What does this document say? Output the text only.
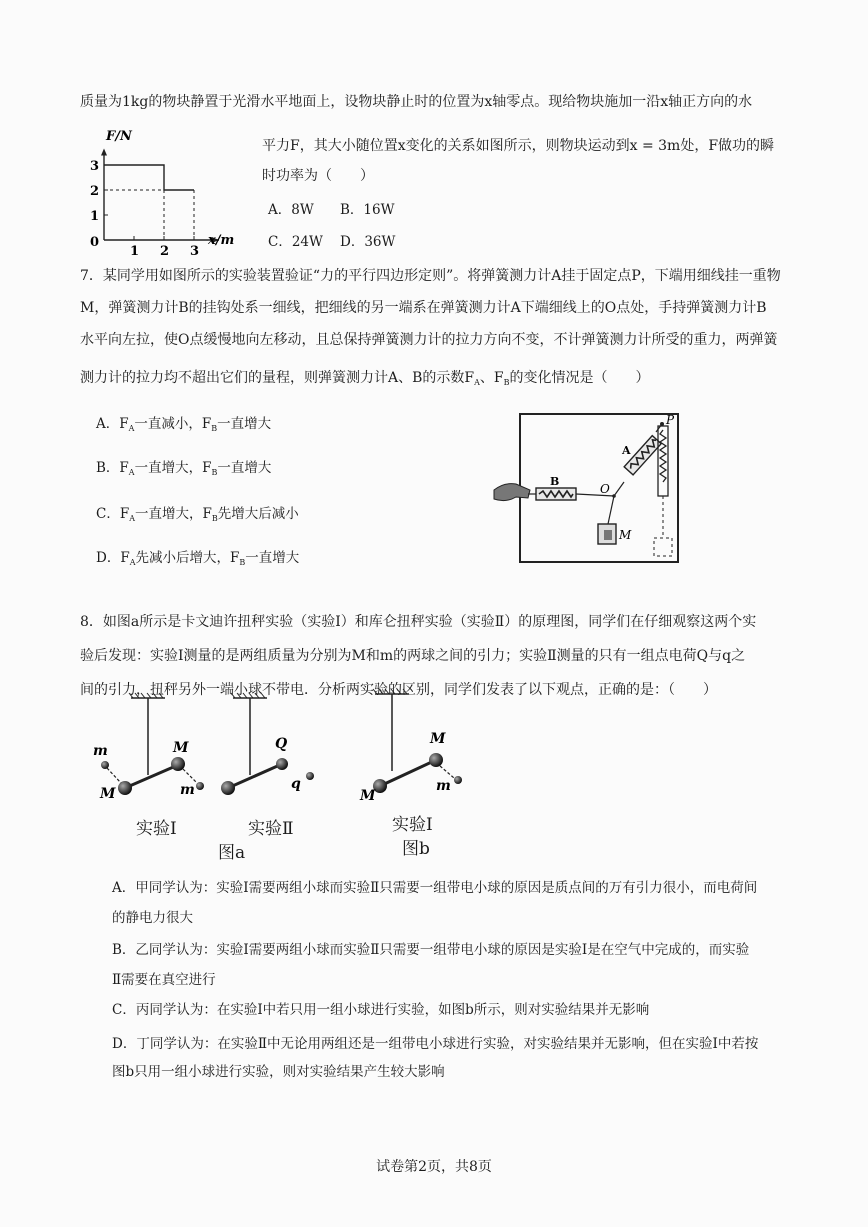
质量为1kg的物块静置于光滑水平地面上，设物块静止时的位置为x轴零点。现给物块施加一沿x轴正方向的水
F/N
x/m
0
1
2
3
1 2 3
平力F，其大小随位置x变化的关系如图所示，则物块运动到x = 3m处，F做功的瞬
时功率为（　　）
A．8W B．16W
C．24W D．36W
7．某同学用如图所示的实验装置验证“力的平行四边形定则”。将弹簧测力计A挂于固定点P，下端用细线挂一重物
M，弹簧测力计B的挂钩处系一细线，把细线的另一端系在弹簧测力计A下端细线上的O点处，手持弹簧测力计B
水平向左拉，使O点缓慢地向左移动，且总保持弹簧测力计的拉力方向不变，不计弹簧测力计所受的重力，两弹簧
测力计的拉力均不超出它们的量程，则弹簧测力计A、B的示数$F_A$、$F_B$的变化情况是（　　）
A．$F_A$一直减小，$F_B$一直增大
B．$F_A$一直增大，$F_B$一直增大
C．$F_A$一直增大，$F_B$先增大后减小
D．$F_A$先减小后增大，$F_B$一直增大
B
O
M
A
P
8．如图a所示是卡文迪许扭秤实验（实验Ⅰ）和库仑扭秤实验（实验Ⅱ）的原理图，同学们在仔细观察这两个实
验后发现：实验Ⅰ测量的是两组质量为分别为M和m的两球之间的引力；实验Ⅱ测量的只有一组点电荷Q与q之
间的引力，扭秤另外一端小球不带电．分析两实验的区别，同学们发表了以下观点，正确的是：（　　）
m	M
M	m
Q
q
M
M
m
实验Ⅰ	实验Ⅱ	实验Ⅰ
图a	图b
A．甲同学认为：实验Ⅰ需要两组小球而实验Ⅱ只需要一组带电小球的原因是质点间的万有引力很小，而电荷间
的静电力很大
B．乙同学认为：实验Ⅰ需要两组小球而实验Ⅱ只需要一组带电小球的原因是实验Ⅰ是在空气中完成的，而实验
Ⅱ需要在真空进行
C．丙同学认为：在实验Ⅰ中若只用一组小球进行实验，如图b所示，则对实验结果并无影响
D．丁同学认为：在实验Ⅱ中无论用两组还是一组带电小球进行实验，对实验结果并无影响，但在实验Ⅰ中若按
图b只用一组小球进行实验，则对实验结果产生较大影响
试卷第2页，共8页
